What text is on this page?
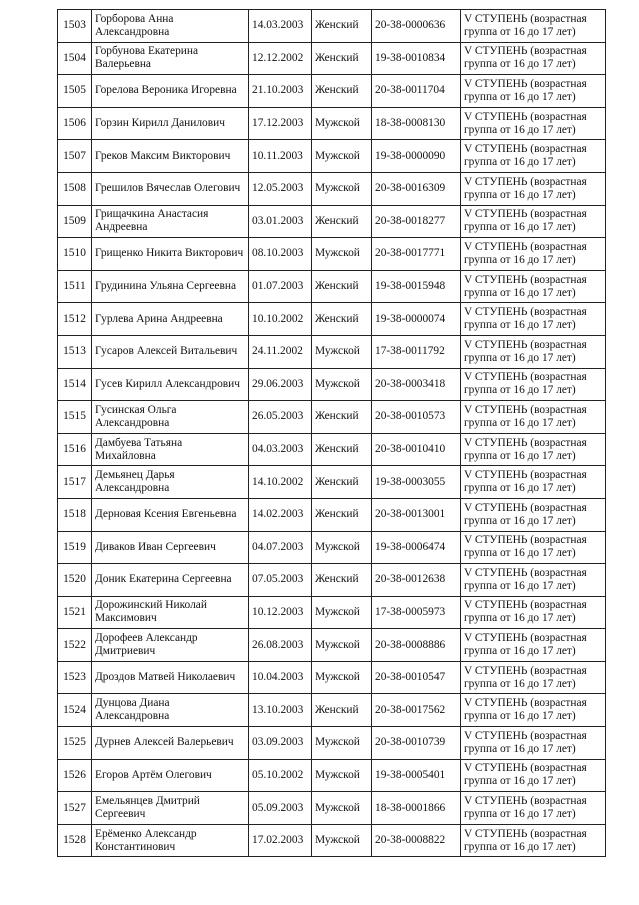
1503	Горборова Анна Александровна	14.03.2003	Женский	20-38-0000636	V СТУПЕНЬ (возрастная группа от 16 до 17 лет)
1504	Горбунова Екатерина Валерьевна	12.12.2002	Женский	19-38-0010834	V СТУПЕНЬ (возрастная группа от 16 до 17 лет)
1505	Горелова Вероника Игоревна	21.10.2003	Женский	20-38-0011704	V СТУПЕНЬ (возрастная группа от 16 до 17 лет)
1506	Горзин Кирилл Данилович	17.12.2003	Мужской	18-38-0008130	V СТУПЕНЬ (возрастная группа от 16 до 17 лет)
1507	Греков Максим Викторович	10.11.2003	Мужской	19-38-0000090	V СТУПЕНЬ (возрастная группа от 16 до 17 лет)
1508	Грешилов Вячеслав Олегович	12.05.2003	Мужской	20-38-0016309	V СТУПЕНЬ (возрастная группа от 16 до 17 лет)
1509	Грищачкина Анастасия Андреевна	03.01.2003	Женский	20-38-0018277	V СТУПЕНЬ (возрастная группа от 16 до 17 лет)
1510	Грищенко Никита Викторович	08.10.2003	Мужской	20-38-0017771	V СТУПЕНЬ (возрастная группа от 16 до 17 лет)
1511	Грудинина Ульяна Сергеевна	01.07.2003	Женский	19-38-0015948	V СТУПЕНЬ (возрастная группа от 16 до 17 лет)
1512	Гурлева Арина Андреевна	10.10.2002	Женский	19-38-0000074	V СТУПЕНЬ (возрастная группа от 16 до 17 лет)
1513	Гусаров Алексей Витальевич	24.11.2002	Мужской	17-38-0011792	V СТУПЕНЬ (возрастная группа от 16 до 17 лет)
1514	Гусев Кирилл Александрович	29.06.2003	Мужской	20-38-0003418	V СТУПЕНЬ (возрастная группа от 16 до 17 лет)
1515	Гусинская Ольга Александровна	26.05.2003	Женский	20-38-0010573	V СТУПЕНЬ (возрастная группа от 16 до 17 лет)
1516	Дамбуева Татьяна Михайловна	04.03.2003	Женский	20-38-0010410	V СТУПЕНЬ (возрастная группа от 16 до 17 лет)
1517	Демьянец Дарья Александровна	14.10.2002	Женский	19-38-0003055	V СТУПЕНЬ (возрастная группа от 16 до 17 лет)
1518	Дерновая Ксения Евгеньевна	14.02.2003	Женский	20-38-0013001	V СТУПЕНЬ (возрастная группа от 16 до 17 лет)
1519	Диваков Иван Сергеевич	04.07.2003	Мужской	19-38-0006474	V СТУПЕНЬ (возрастная группа от 16 до 17 лет)
1520	Доник Екатерина Сергеевна	07.05.2003	Женский	20-38-0012638	V СТУПЕНЬ (возрастная группа от 16 до 17 лет)
1521	Дорожинский Николай Максимович	10.12.2003	Мужской	17-38-0005973	V СТУПЕНЬ (возрастная группа от 16 до 17 лет)
1522	Дорофеев Александр Дмитриевич	26.08.2003	Мужской	20-38-0008886	V СТУПЕНЬ (возрастная группа от 16 до 17 лет)
1523	Дроздов Матвей Николаевич	10.04.2003	Мужской	20-38-0010547	V СТУПЕНЬ (возрастная группа от 16 до 17 лет)
1524	Дунцова Диана Александровна	13.10.2003	Женский	20-38-0017562	V СТУПЕНЬ (возрастная группа от 16 до 17 лет)
1525	Дурнев Алексей Валерьевич	03.09.2003	Мужской	20-38-0010739	V СТУПЕНЬ (возрастная группа от 16 до 17 лет)
1526	Егоров Артём Олегович	05.10.2002	Мужской	19-38-0005401	V СТУПЕНЬ (возрастная группа от 16 до 17 лет)
1527	Емельянцев Дмитрий Сергеевич	05.09.2003	Мужской	18-38-0001866	V СТУПЕНЬ (возрастная группа от 16 до 17 лет)
1528	Ерёменко Александр Константинович	17.02.2003	Мужской	20-38-0008822	V СТУПЕНЬ (возрастная группа от 16 до 17 лет)
